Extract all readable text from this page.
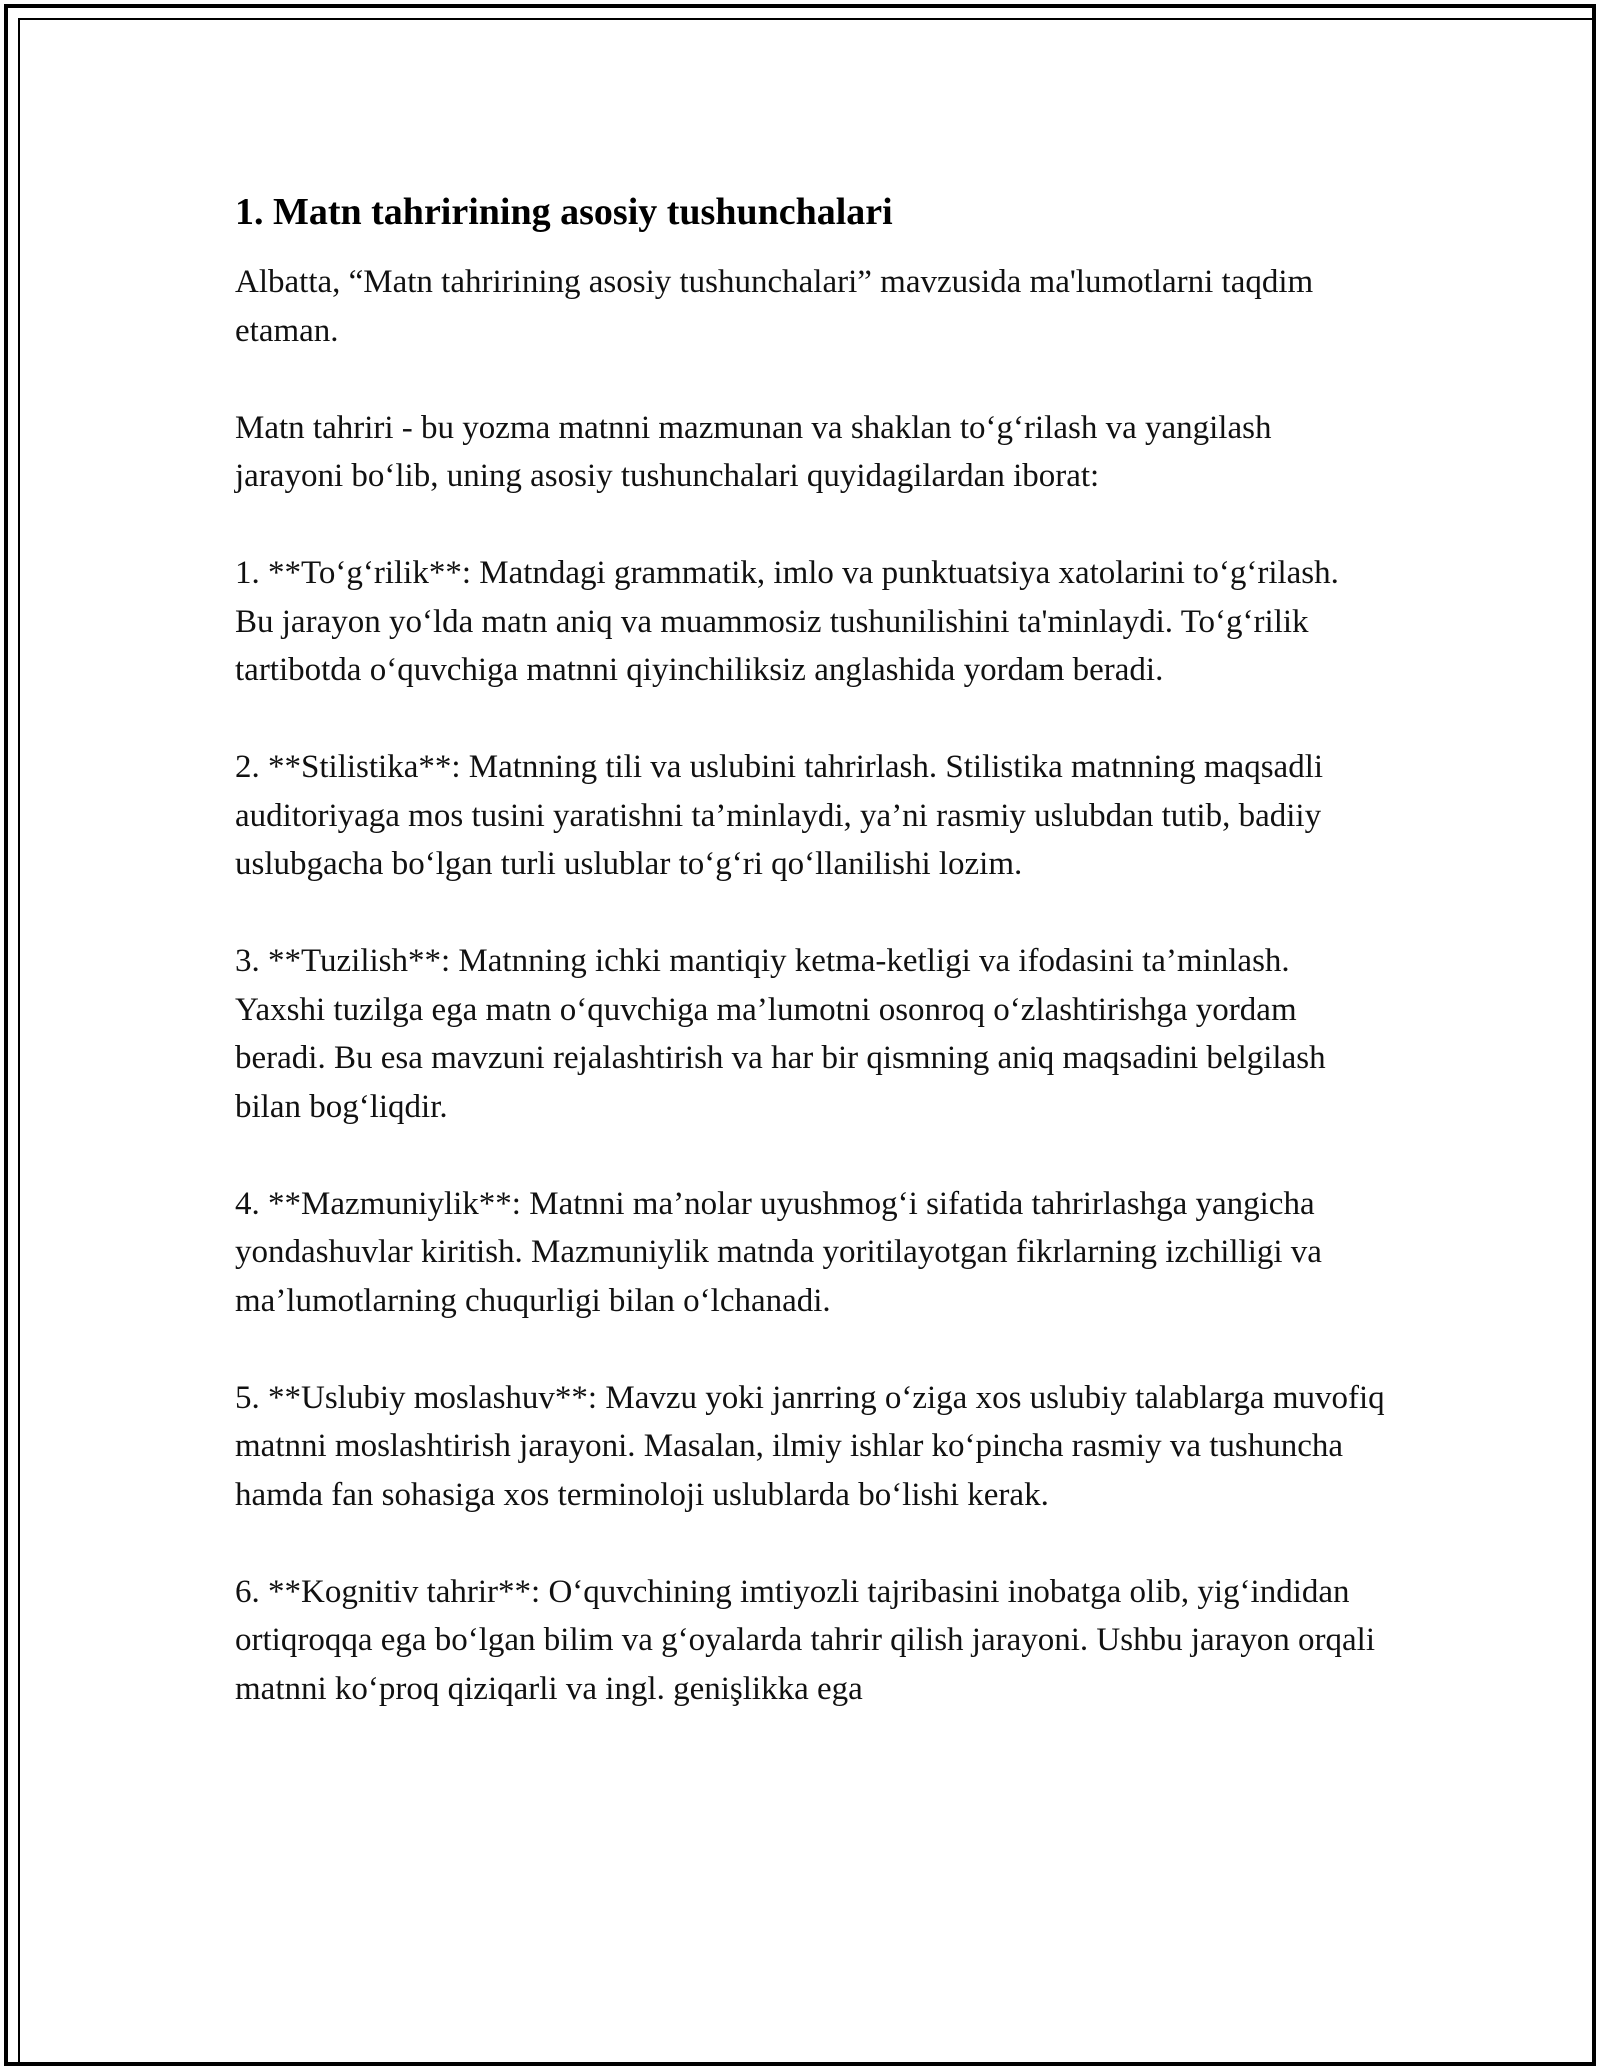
1. Matn tahririning asosiy tushunchalari

Albatta, “Matn tahririning asosiy tushunchalari” mavzusida ma'lumotlarni taqdim etaman.

Matn tahriri - bu yozma matnni mazmunan va shaklan to‘g‘rilash va yangilash jarayoni bo‘lib, uning asosiy tushunchalari quyidagilardan iborat:

1. **To‘g‘rilik**: Matndagi grammatik, imlo va punktuatsiya xatolarini to‘g‘rilash. Bu jarayon yo‘lda matn aniq va muammosiz tushunilishini ta'minlaydi. To‘g‘rilik tartibotda o‘quvchiga matnni qiyinchiliksiz anglashida yordam beradi.

2. **Stilistika**: Matnning tili va uslubini tahrirlash. Stilistika matnning maqsadli auditoriyaga mos tusini yaratishni ta’minlaydi, ya’ni rasmiy uslubdan tutib, badiiy uslubgacha bo‘lgan turli uslublar to‘g‘ri qo‘llanilishi lozim.

3. **Tuzilish**: Matnning ichki mantiqiy ketma-ketligi va ifodasini ta’minlash. Yaxshi tuzilga ega matn o‘quvchiga ma’lumotni osonroq o‘zlashtirishga yordam beradi. Bu esa mavzuni rejalashtirish va har bir qismning aniq maqsadini belgilash bilan bog‘liqdir.

4. **Mazmuniylik**: Matnni ma’nolar uyushmog‘i sifatida tahrirlashga yangicha yondashuvlar kiritish. Mazmuniylik matnda yoritilayotgan fikrlarning izchilligi va ma’lumotlarning chuqurligi bilan o‘lchanadi.

5. **Uslubiy moslashuv**: Mavzu yoki janrring o‘ziga xos uslubiy talablarga muvofiq matnni moslashtirish jarayoni. Masalan, ilmiy ishlar ko‘pincha rasmiy va tushuncha hamda fan sohasiga xos terminoloji uslublarda bo‘lishi kerak.

6. **Kognitiv tahrir**: O‘quvchining imtiyozli tajribasini inobatga olib, yig‘indidan ortiqroqqa ega bo‘lgan bilim va g‘oyalarda tahrir qilish jarayoni. Ushbu jarayon orqali matnni ko‘proq qiziqarli va ingl. genişlikka ega
